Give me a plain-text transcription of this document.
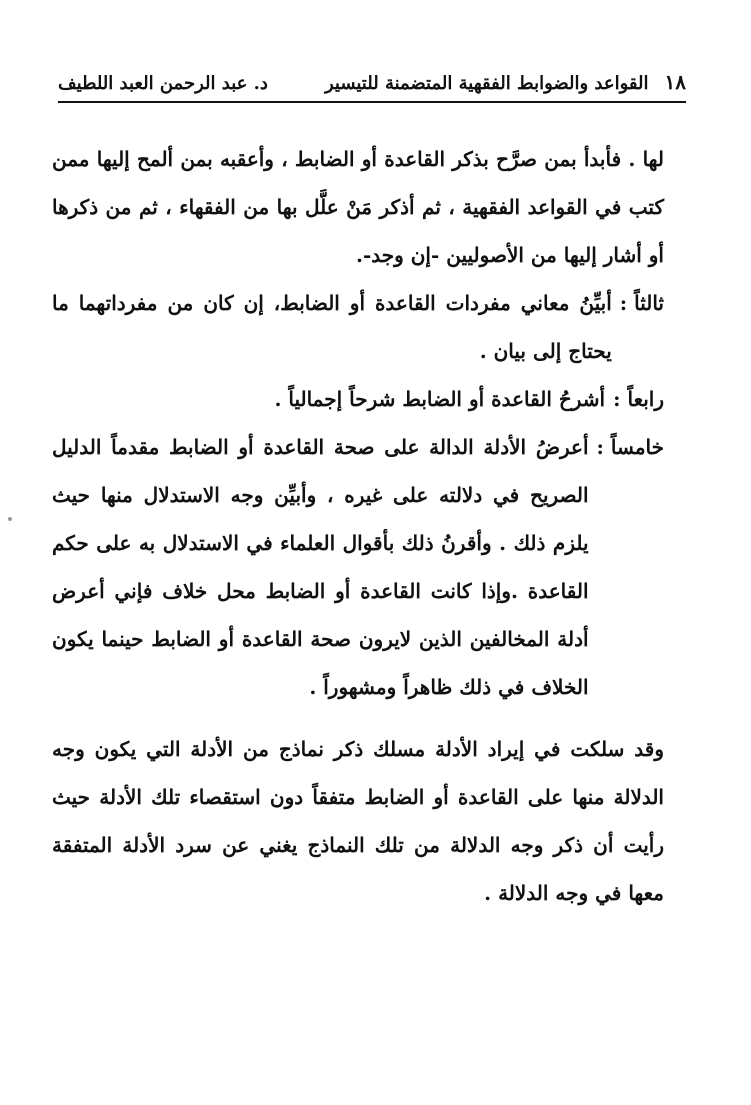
١٨
القواعد والضوابط الفقهية المتضمنة للتيسير
د. عبد الرحمن العبد اللطيف

لها . فأبدأ بمن صرَّح بذكر القاعدة أو الضابط ، وأعقبه بمن ألمح إليها ممن كتب في القواعد الفقهية ، ثم أذكر مَنْ علَّل بها من الفقهاء ، ثم من ذكرها أو أشار إليها من الأصوليين -إن وجد-.

ثالثاً :
أبيِّنُ معاني مفردات القاعدة أو الضابط، إن كان من مفرداتهما ما يحتاج إلى بيان .
رابعاً :
أشرحُ القاعدة أو الضابط شرحاً إجمالياً .
خامساً :
أعرضُ الأدلة الدالة على صحة القاعدة أو الضابط مقدماً الدليل الصريح في دلالته على غيره ، وأبيِّن وجه الاستدلال منها حيث يلزم ذلك . وأقرنُ ذلك بأقوال العلماء في الاستدلال به على حكم القاعدة .وإذا كانت القاعدة أو الضابط محل خلاف فإني أعرض أدلة المخالفين الذين لايرون صحة القاعدة أو الضابط حينما يكون الخلاف في ذلك ظاهراً ومشهوراً .

وقد سلكت في إيراد الأدلة مسلك ذكر نماذج من الأدلة التي يكون وجه الدلالة منها على القاعدة أو الضابط متفقاً دون استقصاء تلك الأدلة حيث رأيت أن ذكر وجه الدلالة من تلك النماذج يغني عن سرد الأدلة المتفقة معها في وجه الدلالة .
